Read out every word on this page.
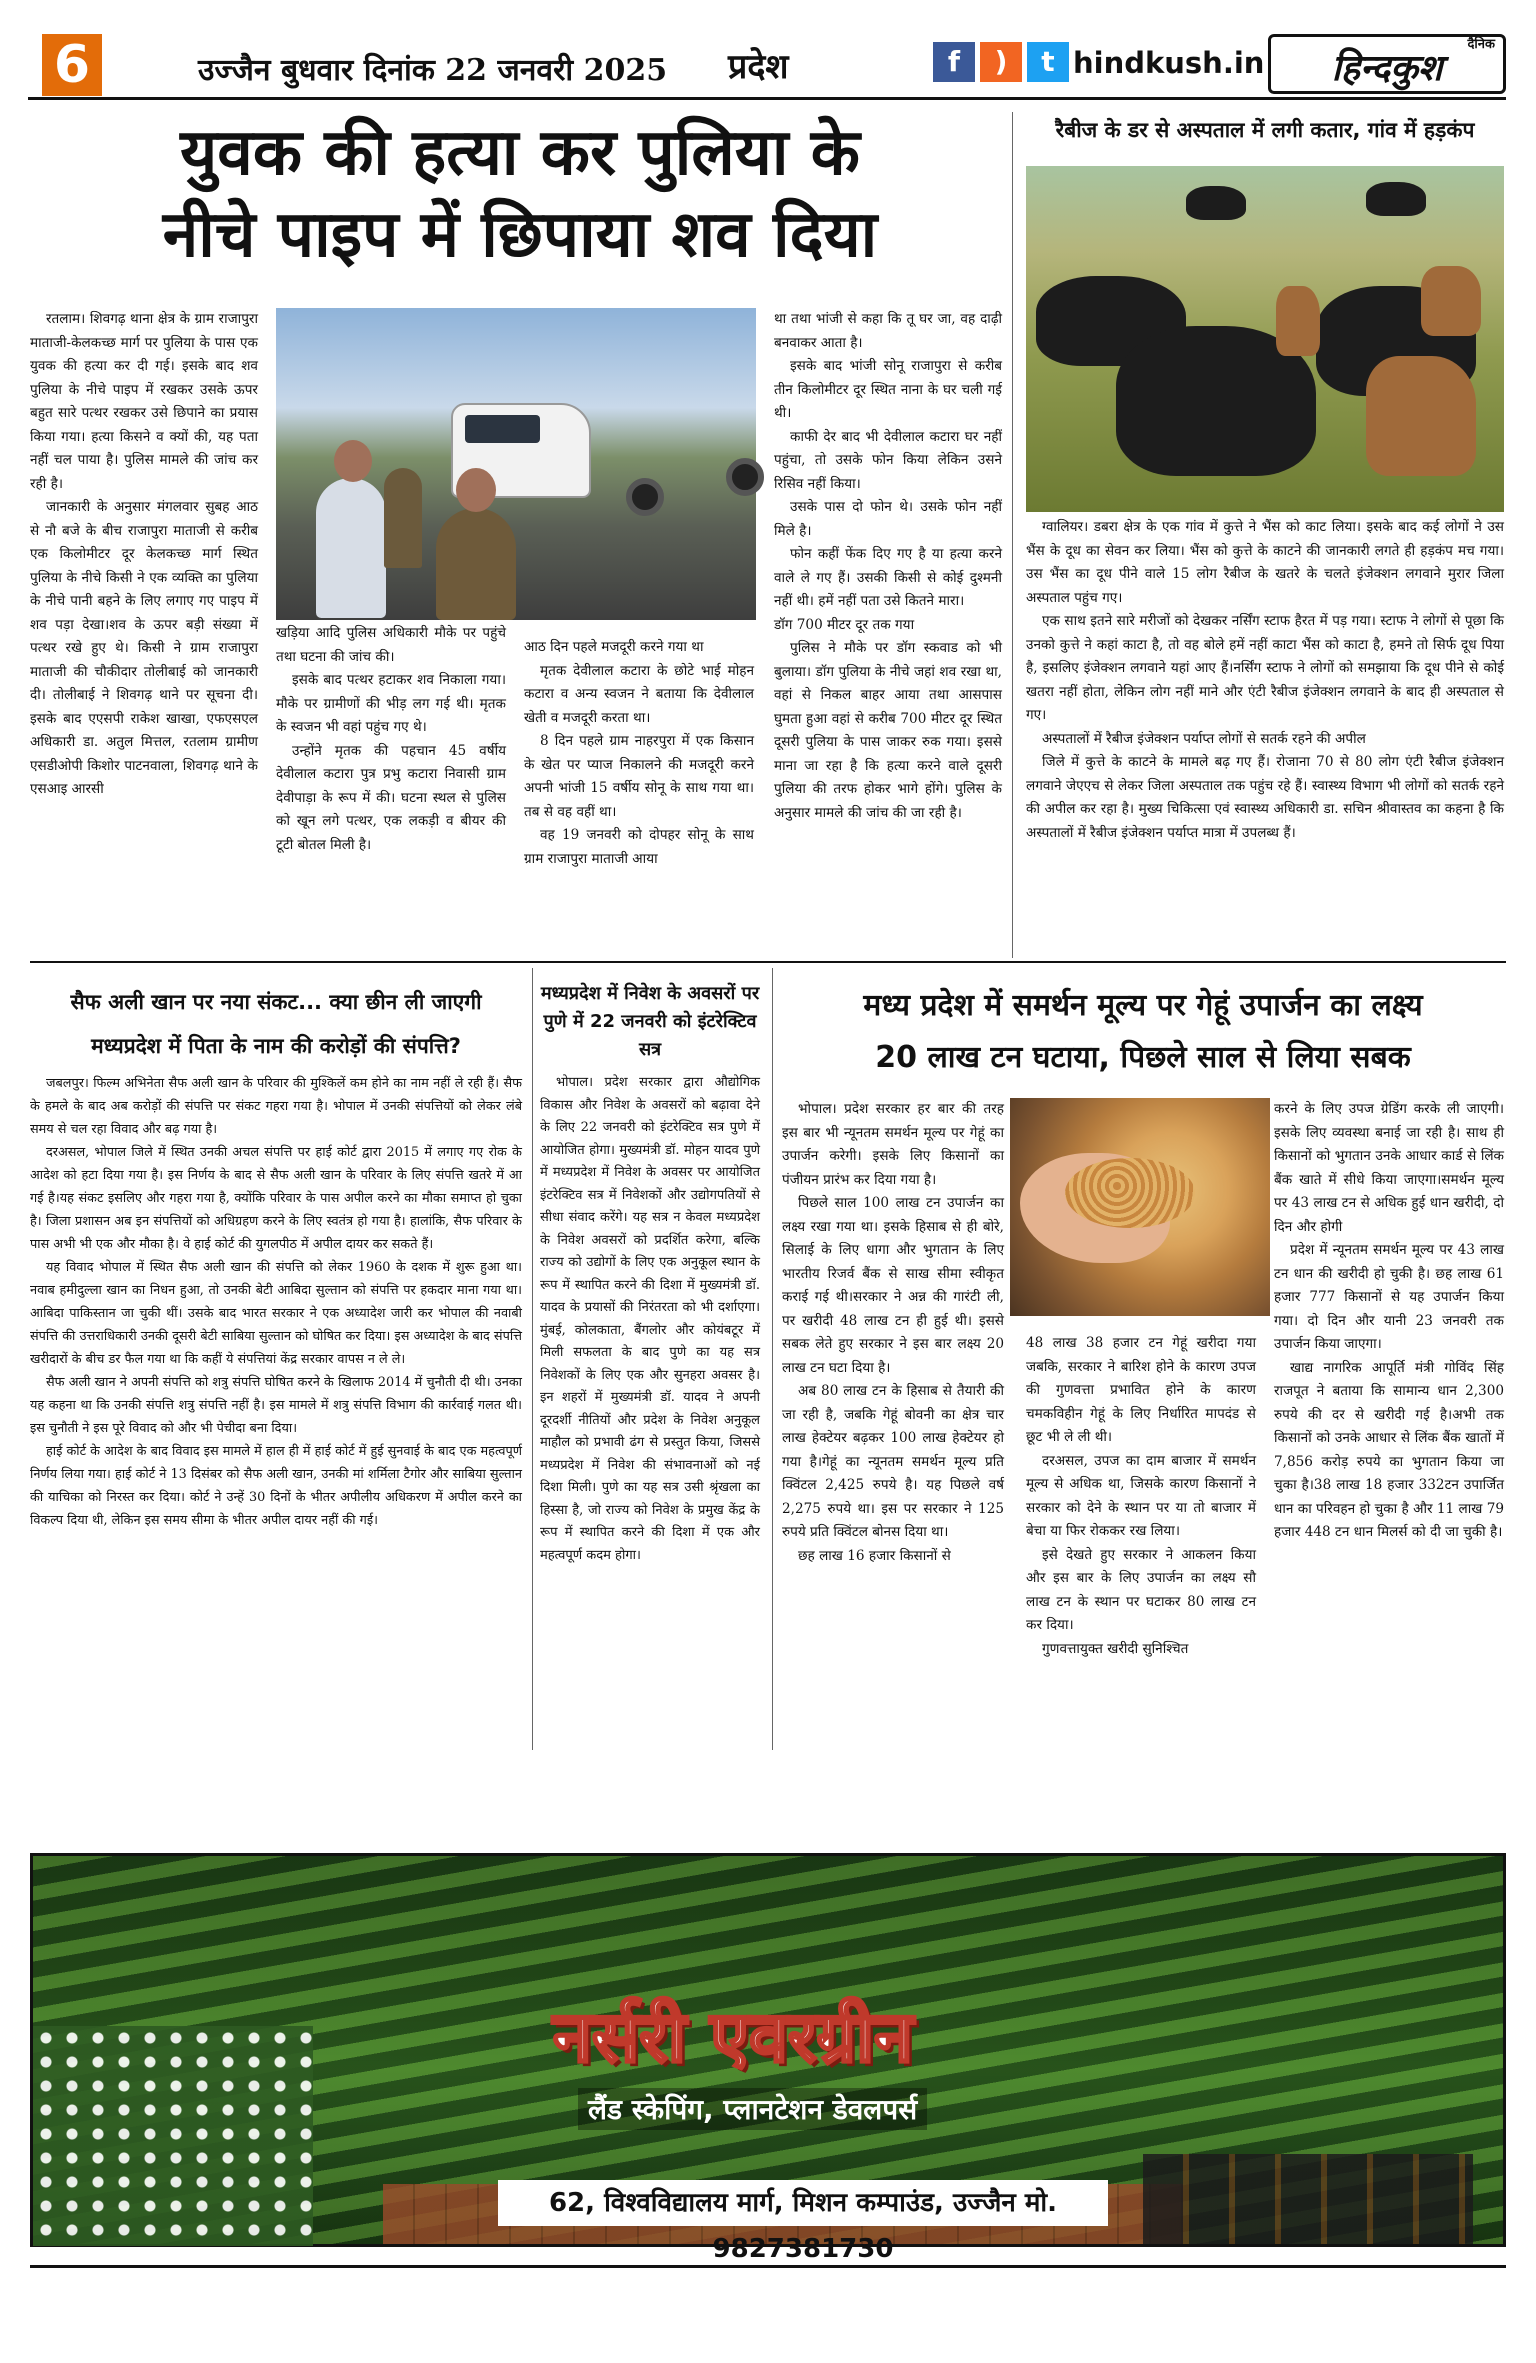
6	उज्जैन बुधवार दिनांक 22 जनवरी 2025 प्रदेश	f	)	t hindkush.in
दैनिक
हिन्दकुश
युवक की हत्या कर पुलिया के
नीचे पाइप में छिपाया शव दिया

रतलाम। शिवगढ़ थाना क्षेत्र के ग्राम राजापुरा माताजी-केलकच्छ मार्ग पर पुलिया के पास एक युवक की हत्या कर दी गई। इसके बाद शव पुलिया के नीचे पाइप में रखकर उसके ऊपर बहुत सारे पत्थर रखकर उसे छिपाने का प्रयास किया गया। हत्या किसने व क्यों की, यह पता नहीं चल पाया है। पुलिस मामले की जांच कर रही है।

जानकारी के अनुसार मंगलवार सुबह आठ से नौ बजे के बीच राजापुरा माताजी से करीब एक किलोमीटर दूर केलकच्छ मार्ग स्थित पुलिया के नीचे किसी ने एक व्यक्ति का पुलिया के नीचे पानी बहने के लिए लगाए गए पाइप में शव पड़ा देखा।शव के ऊपर बड़ी संख्या में पत्थर रखे हुए थे। किसी ने ग्राम राजापुरा माताजी की चौकीदार तोलीबाई को जानकारी दी। तोलीबाई ने शिवगढ़ थाने पर सूचना दी।इसके बाद एएसपी राकेश खाखा, एफएसएल अधिकारी डा. अतुल मित्तल, रतलाम ग्रामीण एसडीओपी किशोर पाटनवाला, शिवगढ़ थाने के एसआइ आरसी

खड़िया आदि पुलिस अधिकारी मौके पर पहुंचे तथा घटना की जांच की।

इसके बाद पत्थर हटाकर शव निकाला गया। मौके पर ग्रामीणों की भीड़ लग गई थी। मृतक के स्वजन भी वहां पहुंच गए थे।

उन्होंने मृतक की पहचान 45 वर्षीय देवीलाल कटारा पुत्र प्रभु कटारा निवासी ग्राम देवीपाड़ा के रूप में की। घटना स्थल से पुलिस को खून लगे पत्थर, एक लकड़ी व बीयर की टूटी बोतल मिली है।

आठ दिन पहले मजदूरी करने गया था

मृतक देवीलाल कटारा के छोटे भाई मोहन कटारा व अन्य स्वजन ने बताया कि देवीलाल खेती व मजदूरी करता था।

8 दिन पहले ग्राम नाहरपुरा में एक किसान के खेत पर प्याज निकालने की मजदूरी करने अपनी भांजी 15 वर्षीय सोनू के साथ गया था। तब से वह वहीं था।

वह 19 जनवरी को दोपहर सोनू के साथ ग्राम राजापुरा माताजी आया

था तथा भांजी से कहा कि तू घर जा, वह दाढ़ी बनवाकर आता है।

इसके बाद भांजी सोनू राजापुरा से करीब तीन किलोमीटर दूर स्थित नाना के घर चली गई थी।

काफी देर बाद भी देवीलाल कटारा घर नहीं पहुंचा, तो उसके फोन किया लेकिन उसने रिसिव नहीं किया।

उसके पास दो फोन थे। उसके फोन नहीं मिले है।

फोन कहीं फेंक दिए गए है या हत्या करने वाले ले गए हैं। उसकी किसी से कोई दुश्मनी नहीं थी। हमें नहीं पता उसे कितने मारा।

डॉग 700 मीटर दूर तक गया

पुलिस ने मौके पर डॉग स्कवाड को भी बुलाया। डॉग पुलिया के नीचे जहां शव रखा था, वहां से निकल बाहर आया तथा आसपास घुमता हुआ वहां से करीब 700 मीटर दूर स्थित दूसरी पुलिया के पास जाकर रुक गया। इससे माना जा रहा है कि हत्या करने वाले दूसरी पुलिया की तरफ होकर भागे होंगे। पुलिस के अनुसार मामले की जांच की जा रही है।

रैबीज के डर से अस्पताल में लगी कतार, गांव में हड़कंप

ग्वालियर। डबरा क्षेत्र के एक गांव में कुत्ते ने भैंस को काट लिया। इसके बाद कई लोगों ने उस भैंस के दूध का सेवन कर लिया। भैंस को कुत्ते के काटने की जानकारी लगते ही हड़कंप मच गया। उस भैंस का दूध पीने वाले 15 लोग रैबीज के खतरे के चलते इंजेक्शन लगवाने मुरार जिला अस्पताल पहुंच गए।

एक साथ इतने सारे मरीजों को देखकर नर्सिंग स्टाफ हैरत में पड़ गया। स्टाफ ने लोगों से पूछा कि उनको कुत्ते ने कहां काटा है, तो वह बोले हमें नहीं काटा भैंस को काटा है, हमने तो सिर्फ दूध पिया है, इसलिए इंजेक्शन लगवाने यहां आए हैं।नर्सिंग स्टाफ ने लोगों को समझाया कि दूध पीने से कोई खतरा नहीं होता, लेकिन लोग नहीं माने और एंटी रैबीज इंजेक्शन लगवाने के बाद ही अस्पताल से गए।

अस्पतालों में रैबीज इंजेक्शन पर्याप्त लोगों से सतर्क रहने की अपील

जिले में कुत्ते के काटने के मामले बढ़ गए हैं। रोजाना 70 से 80 लोग एंटी रैबीज इंजेक्शन लगवाने जेएएच से लेकर जिला अस्पताल तक पहुंच रहे हैं। स्वास्थ्य विभाग भी लोगों को सतर्क रहने की अपील कर रहा है। मुख्य चिकित्सा एवं स्वास्थ्य अधिकारी डा. सचिन श्रीवास्तव का कहना है कि अस्पतालों में रैबीज इंजेक्शन पर्याप्त मात्रा में उपलब्ध हैं।

सैफ अली खान पर नया संकट... क्या छीन ली जाएगी
मध्यप्रदेश में पिता के नाम की करोड़ों की संपत्ति?

जबलपुर। फिल्म अभिनेता सैफ अली खान के परिवार की मुश्किलें कम होने का नाम नहीं ले रही हैं। सैफ के हमले के बाद अब करोड़ों की संपत्ति पर संकट गहरा गया है। भोपाल में उनकी संपत्तियों को लेकर लंबे समय से चल रहा विवाद और बढ़ गया है।

दरअसल, भोपाल जिले में स्थित उनकी अचल संपत्ति पर हाई कोर्ट द्वारा 2015 में लगाए गए रोक के आदेश को हटा दिया गया है। इस निर्णय के बाद से सैफ अली खान के परिवार के लिए संपत्ति खतरे में आ गई है।यह संकट इसलिए और गहरा गया है, क्योंकि परिवार के पास अपील करने का मौका समाप्त हो चुका है। जिला प्रशासन अब इन संपत्तियों को अधिग्रहण करने के लिए स्वतंत्र हो गया है। हालांकि, सैफ परिवार के पास अभी भी एक और मौका है। वे हाई कोर्ट की युगलपीठ में अपील दायर कर सकते हैं।

यह विवाद भोपाल में स्थित सैफ अली खान की संपत्ति को लेकर 1960 के दशक में शुरू हुआ था। नवाब हमीदुल्ला खान का निधन हुआ, तो उनकी बेटी आबिदा सुल्तान को संपत्ति पर हकदार माना गया था। आबिदा पाकिस्तान जा चुकी थीं। उसके बाद भारत सरकार ने एक अध्यादेश जारी कर भोपाल की नवाबी संपत्ति की उत्तराधिकारी उनकी दूसरी बेटी साबिया सुल्तान को घोषित कर दिया। इस अध्यादेश के बाद संपत्ति खरीदारों के बीच डर फैल गया था कि कहीं ये संपत्तियां केंद्र सरकार वापस न ले ले।

सैफ अली खान ने अपनी संपत्ति को शत्रु संपत्ति घोषित करने के खिलाफ 2014 में चुनौती दी थी। उनका यह कहना था कि उनकी संपत्ति शत्रु संपत्ति नहीं है। इस मामले में शत्रु संपत्ति विभाग की कार्रवाई गलत थी। इस चुनौती ने इस पूरे विवाद को और भी पेचीदा बना दिया।

हाई कोर्ट के आदेश के बाद विवाद इस मामले में हाल ही में हाई कोर्ट में हुई सुनवाई के बाद एक महत्वपूर्ण निर्णय लिया गया। हाई कोर्ट ने 13 दिसंबर को सैफ अली खान, उनकी मां शर्मिला टैगोर और साबिया सुल्तान की याचिका को निरस्त कर दिया। कोर्ट ने उन्हें 30 दिनों के भीतर अपीलीय अधिकरण में अपील करने का विकल्प दिया थी, लेकिन इस समय सीमा के भीतर अपील दायर नहीं की गई।

मध्यप्रदेश में निवेश के अवसरों पर पुणे में 22 जनवरी को इंटरेक्टिव सत्र

भोपाल। प्रदेश सरकार द्वारा औद्योगिक विकास और निवेश के अवसरों को बढ़ावा देने के लिए 22 जनवरी को इंटरेक्टिव सत्र पुणे में आयोजित होगा। मुख्यमंत्री डॉ. मोहन यादव पुणे में मध्यप्रदेश में निवेश के अवसर पर आयोजित इंटरेक्टिव सत्र में निवेशकों और उद्योगपतियों से सीधा संवाद करेंगे। यह सत्र न केवल मध्यप्रदेश के निवेश अवसरों को प्रदर्शित करेगा, बल्कि राज्य को उद्योगों के लिए एक अनुकूल स्थान के रूप में स्थापित करने की दिशा में मुख्यमंत्री डॉ. यादव के प्रयासों की निरंतरता को भी दर्शाएगा। मुंबई, कोलकाता, बैंगलोर और कोयंबटूर में मिली सफलता के बाद पुणे का यह सत्र निवेशकों के लिए एक और सुनहरा अवसर है। इन शहरों में मुख्यमंत्री डॉ. यादव ने अपनी दूरदर्शी नीतियों और प्रदेश के निवेश अनुकूल माहौल को प्रभावी ढंग से प्रस्तुत किया, जिससे मध्यप्रदेश में निवेश की संभावनाओं को नई दिशा मिली। पुणे का यह सत्र उसी श्रृंखला का हिस्सा है, जो राज्य को निवेश के प्रमुख केंद्र के रूप में स्थापित करने की दिशा में एक और महत्वपूर्ण कदम होगा।

मध्य प्रदेश में समर्थन मूल्य पर गेहूं उपार्जन का लक्ष्य
20 लाख टन घटाया, पिछले साल से लिया सबक

भोपाल। प्रदेश सरकार हर बार की तरह इस बार भी न्यूनतम समर्थन मूल्य पर गेहूं का उपार्जन करेगी। इसके लिए किसानों का पंजीयन प्रारंभ कर दिया गया है।

पिछले साल 100 लाख टन उपार्जन का लक्ष्य रखा गया था। इसके हिसाब से ही बोरे, सिलाई के लिए धागा और भुगतान के लिए भारतीय रिजर्व बैंक से साख सीमा स्वीकृत कराई गई थी।सरकार ने अन्न की गारंटी ली, पर खरीदी 48 लाख टन ही हुई थी। इससे सबक लेते हुए सरकार ने इस बार लक्ष्य 20 लाख टन घटा दिया है।

अब 80 लाख टन के हिसाब से तैयारी की जा रही है, जबकि गेहूं बोवनी का क्षेत्र चार लाख हेक्टेयर बढ़कर 100 लाख हेक्टेयर हो गया है।गेहूं का न्यूनतम समर्थन मूल्य प्रति क्विंटल 2,425 रुपये है। यह पिछले वर्ष 2,275 रुपये था। इस पर सरकार ने 125 रुपये प्रति क्विंटल बोनस दिया था।

छह लाख 16 हजार किसानों से

48 लाख 38 हजार टन गेहूं खरीदा गया जबकि, सरकार ने बारिश होने के कारण उपज की गुणवत्ता प्रभावित होने के कारण चमकविहीन गेहूं के लिए निर्धारित मापदंड से छूट भी ले ली थी।

दरअसल, उपज का दाम बाजार में समर्थन मूल्य से अधिक था, जिसके कारण किसानों ने सरकार को देने के स्थान पर या तो बाजार में बेचा या फिर रोककर रख लिया।

इसे देखते हुए सरकार ने आकलन किया और इस बार के लिए उपार्जन का लक्ष्य सौ लाख टन के स्थान पर घटाकर 80 लाख टन कर दिया।

गुणवत्तायुक्त खरीदी सुनिश्चित

करने के लिए उपज ग्रेडिंग करके ली जाएगी। इसके लिए व्यवस्था बनाई जा रही है। साथ ही किसानों को भुगतान उनके आधार कार्ड से लिंक बैंक खाते में सीधे किया जाएगा।समर्थन मूल्य पर 43 लाख टन से अधिक हुई धान खरीदी, दो दिन और होगी

प्रदेश में न्यूनतम समर्थन मूल्य पर 43 लाख टन धान की खरीदी हो चुकी है। छह लाख 61 हजार 777 किसानों से यह उपार्जन किया गया। दो दिन और यानी 23 जनवरी तक उपार्जन किया जाएगा।

खाद्य नागरिक आपूर्ति मंत्री गोविंद सिंह राजपूत ने बताया कि सामान्य धान 2,300 रुपये की दर से खरीदी गई है।अभी तक किसानों को उनके आधार से लिंक बैंक खातों में 7,856 करोड़ रुपये का भुगतान किया जा चुका है।38 लाख 18 हजार 332टन उपार्जित धान का परिवहन हो चुका है और 11 लाख 79 हजार 448 टन धान मिलर्स को दी जा चुकी है।

नर्सरी एवरग्रीन
लैंड स्केपिंग, प्लानटेशन डेवलपर्स
62, विश्वविद्यालय मार्ग, मिशन कम्पाउंड, उज्जैन मो. 9827381730
